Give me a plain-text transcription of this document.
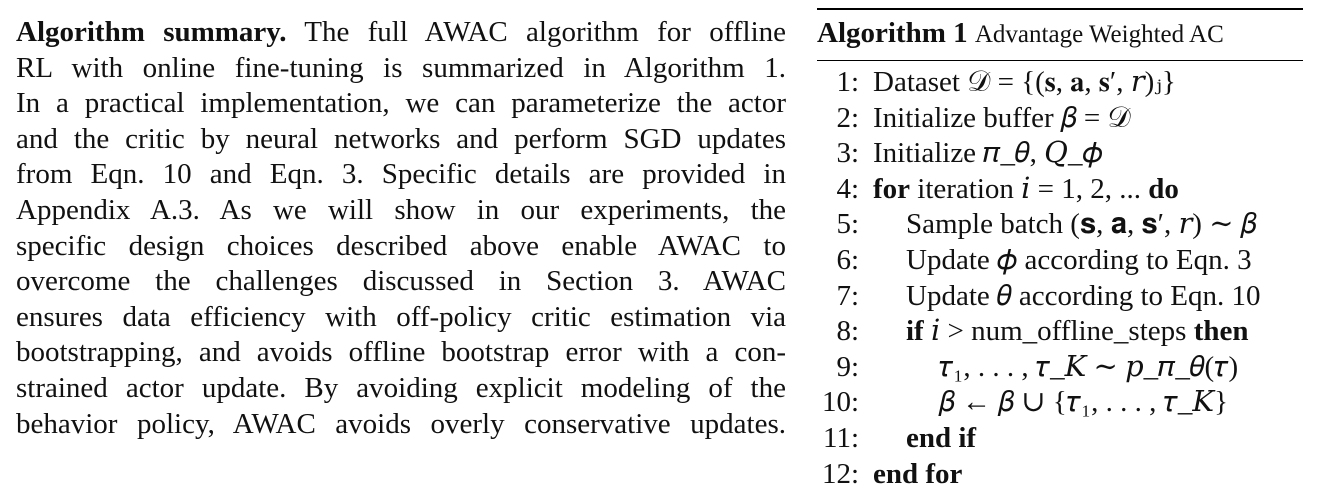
Algorithm summary. The full AWAC algorithm for offline
RL with online fine-tuning is summarized in Algorithm 1.
In a practical implementation, we can parameterize the actor
and the critic by neural networks and perform SGD updates
from Eqn. 10 and Eqn. 3. Specific details are provided in
Appendix A.3. As we will show in our experiments, the
specific design choices described above enable AWAC to
overcome the challenges discussed in Section 3. AWAC
ensures data efficiency with off-policy critic estimation via
bootstrapping, and avoids offline bootstrap error with a con-
strained actor update. By avoiding explicit modeling of the
behavior policy, AWAC avoids overly conservative updates.
Algorithm 1 Advantage Weighted AC
1: Dataset 𝒟 = {(𝐬, 𝐚, 𝐬′, 𝑟)ⱼ}
2: Initialize buffer 𝛽 = 𝒟
3: Initialize 𝜋_𝜃, 𝑄_𝜙
4: for iteration 𝑖 = 1, 2, ... do
5: Sample batch (𝐬, 𝐚, 𝐬′, 𝑟) ∼ 𝛽
6: Update 𝜙 according to Eqn. 3
7: Update 𝜃 according to Eqn. 10
8: if 𝑖 > num_offline_steps then
9:	𝜏₁, . . . , 𝜏_𝐾 ∼ 𝑝_𝜋_𝜃(𝜏)
10:	𝛽 ← 𝛽 ∪ {𝜏₁, . . . , 𝜏_𝐾}
11: end if
12: end for
